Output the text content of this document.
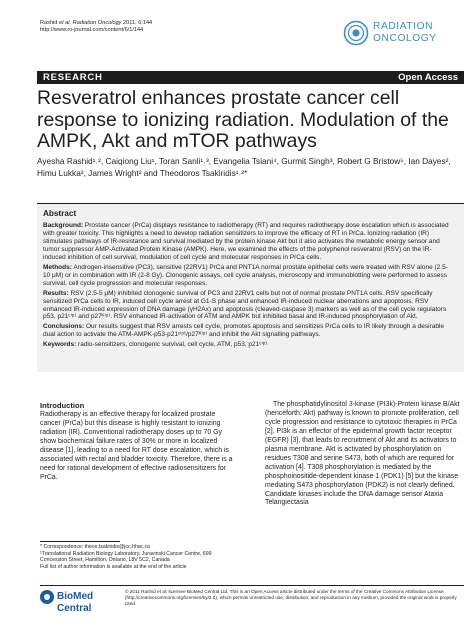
Rashid et al. Radiation Oncology 2011, 6:144
http://www.ro-journal.com/content/6/1/144	RADIATION
ONCOLOGY
RESEARCH	Open Access
Resveratrol enhances prostate cancer cell response to ionizing radiation. Modulation of the AMPK, Akt and mTOR pathways
Ayesha Rashid¹˒², Caiqiong Liu¹, Toran Sanli¹˒³, Evangelia Tsiani⁴, Gurmit Singh³, Robert G Bristow⁵, Ian Dayes²,
Himu Lukka², James Wright² and Theodoros Tsakiridis¹˒²*
Abstract

Background: Prostate cancer (PrCa) displays resistance to radiotherapy (RT) and requires radiotherapy dose escalation which is associated with greater toxicity. This highlights a need to develop radiation sensitizers to improve the efficacy of RT in PrCa. Ionizing radiation (IR) stimulates pathways of IR-resistance and survival mediated by the protein kinase Akt but it also activates the metabolic energy sensor and tumor suppressor AMP-Activated Protein Kinase (AMPK). Here, we examined the effects of the polyphenol resveratrol (RSV) on the IR-induced inhibition of cell survival, modulation of cell cycle and molecular responses in PrCa cells.

Methods: Androgen-insensitive (PC3), sensitive (22RV1) PrCa and PNT1A normal prostate epithelial cells were treated with RSV alone (2.5-10 μM) or in combination with IR (2-8 Gy). Clonogenic assays, cell cycle analysis, microscopy and immunoblotting were performed to assess survival, cell cycle progression and molecular responses.

Results: RSV (2.5-5 μM) inhibited clonogenic survival of PC3 and 22RV1 cells but not of normal prostate PNT1A cells. RSV specifically sensitized PrCa cells to IR, induced cell cycle arrest at G1-S phase and enhanced IR-induced nuclear aberrations and apoptosis. RSV enhanced IR-induced expression of DNA damage (γH2Ax) and apoptosis (cleaved-caspase 3) markers as well as of the cell cycle regulators p53, p21ᶜⁱᵖ¹ and p27ᴷⁱᵖ¹. RSV enhanced IR-activation of ATM and AMPK but inhibited basal and IR-induced phosphorylation of Akt.

Conclusions: Our results suggest that RSV arrests cell cycle, promotes apoptosis and sensitizes PrCa cells to IR likely through a desirable dual action to activate the ATM-AMPK-p53-p21ᶜⁱᵖ¹/p27ᴷⁱᵖ¹ and inhibit the Akt signalling pathways.

Keywords: radio-sensitizers, clonogenic survival, cell cycle, ATM, p53, p21ᶜⁱᵖ¹

Introduction

Radiotherapy is an effective therapy for localized prostate cancer (PrCa) but this disease is highly resistant to ionizing radiation (IR). Conventional radiotherapy doses up to 70 Gy show biochemical failure rates of 30% or more in localized disease [1], leading to a need for RT dose escalation, which is associated with rectal and bladder toxicity. Therefore, there is a need for rational development of effective radiosensitizers for PrCa.

The phosphatidylinositol 3-kinase (PI3k)-Protein kinase B/Akt (henceforth: Akt) pathway is known to promote proliferation, cell cycle progression and resistance to cytotoxic therapies in PrCa [2]. PI3k is an effector of the epidermal growth factor receptor (EGFR) [3], that leads to recruitment of Akt and its activators to plasma membrane. Akt is activated by phosphorylation on residues T308 and serine S473, both of which are required for activation [4]. T308 phosphorylation is mediated by the phosphoinositide-dependent kinase 1 (PDK1) [5] but the kinase mediating S473 phosphorylation (PDK2) is not clearly defined. Candidate kinases include the DNA damage sensor Ataxia Telangiectasia

* Correspondence: theos.tsakiridis@jcc.hhsc.ca
¹Translational Radiation Biology Laboratory, Juravinski Cancer Centre, 699
Concession Street, Hamilton, Ontario, L8V 5C2, Canada
Full list of author information is available at the end of the article
BioMed Central
© 2011 Rashid et al; licensee BioMed Central Ltd. This is an Open Access article distributed under the terms of the Creative Commons Attribution License (http://creativecommons.org/licenses/by/2.0), which permits unrestricted use, distribution, and reproduction in any medium, provided the original work is properly cited.
